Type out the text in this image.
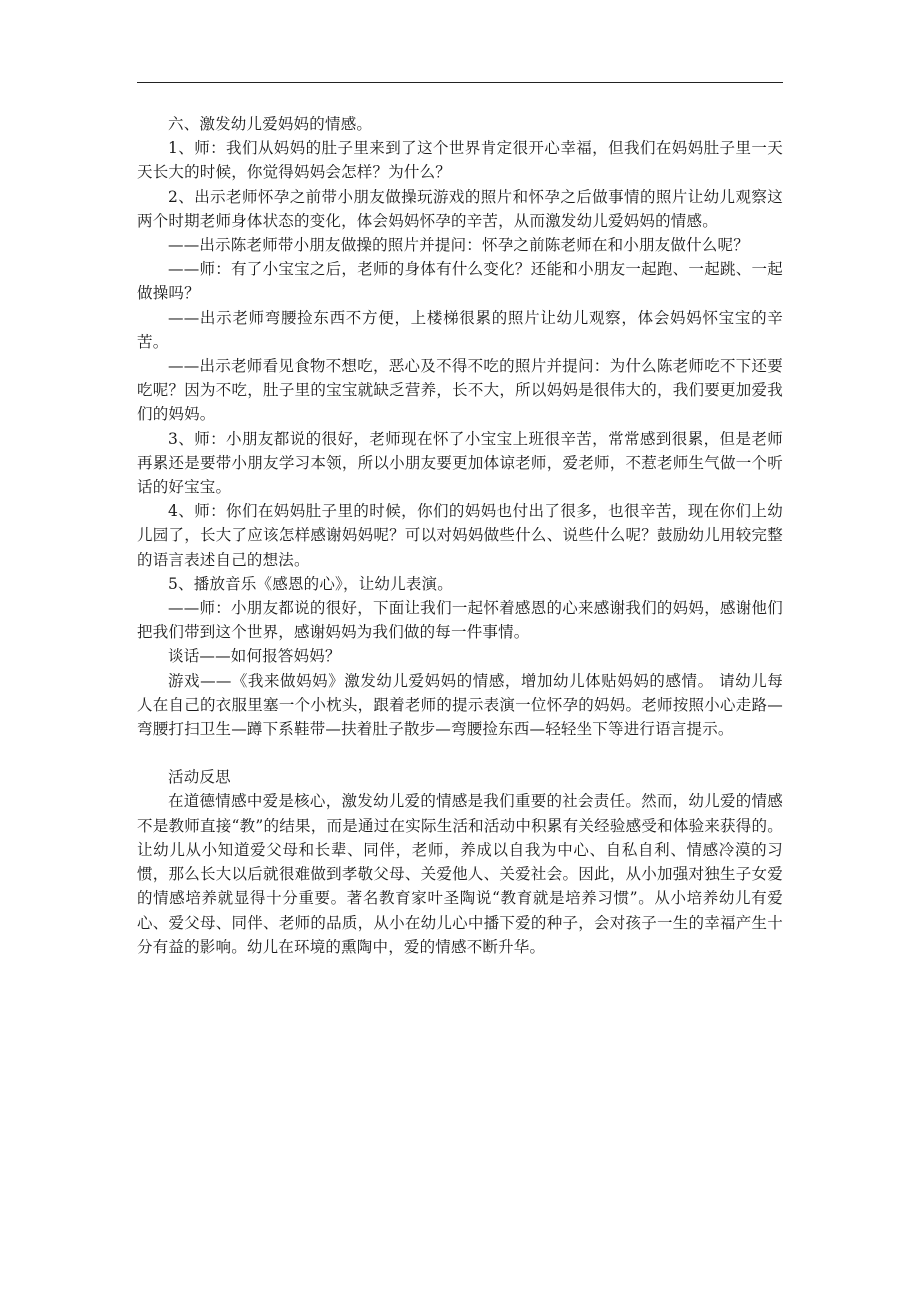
六、激发幼儿爱妈妈的情感。

1、师：我们从妈妈的肚子里来到了这个世界肯定很开心幸福，但我们在妈妈肚子里一天天长大的时候，你觉得妈妈会怎样？为什么？

2、出示老师怀孕之前带小朋友做操玩游戏的照片和怀孕之后做事情的照片让幼儿观察这两个时期老师身体状态的变化，体会妈妈怀孕的辛苦，从而激发幼儿爱妈妈的情感。

——出示陈老师带小朋友做操的照片并提问：怀孕之前陈老师在和小朋友做什么呢？

——师：有了小宝宝之后，老师的身体有什么变化？还能和小朋友一起跑、一起跳、一起做操吗？

——出示老师弯腰捡东西不方便，上楼梯很累的照片让幼儿观察，体会妈妈怀宝宝的辛苦。

——出示老师看见食物不想吃，恶心及不得不吃的照片并提问：为什么陈老师吃不下还要吃呢？因为不吃，肚子里的宝宝就缺乏营养，长不大，所以妈妈是很伟大的，我们要更加爱我们的妈妈。

3、师：小朋友都说的很好，老师现在怀了小宝宝上班很辛苦，常常感到很累，但是老师再累还是要带小朋友学习本领，所以小朋友要更加体谅老师，爱老师，不惹老师生气做一个听话的好宝宝。

4、师：你们在妈妈肚子里的时候，你们的妈妈也付出了很多，也很辛苦，现在你们上幼儿园了，长大了应该怎样感谢妈妈呢？可以对妈妈做些什么、说些什么呢？鼓励幼儿用较完整的语言表述自己的想法。

5、播放音乐《感恩的心》，让幼儿表演。

——师：小朋友都说的很好，下面让我们一起怀着感恩的心来感谢我们的妈妈，感谢他们把我们带到这个世界，感谢妈妈为我们做的每一件事情。

谈话——如何报答妈妈？

游戏——《我来做妈妈》激发幼儿爱妈妈的情感，增加幼儿体贴妈妈的感情。 请幼儿每人在自己的衣服里塞一个小枕头，跟着老师的提示表演一位怀孕的妈妈。老师按照小心走路—弯腰打扫卫生—蹲下系鞋带—扶着肚子散步—弯腰捡东西—轻轻坐下等进行语言提示。

活动反思

在道德情感中爱是核心，激发幼儿爱的情感是我们重要的社会责任。然而，幼儿爱的情感不是教师直接“教”的结果，而是通过在实际生活和活动中积累有关经验感受和体验来获得的。让幼儿从小知道爱父母和长辈、同伴，老师，养成以自我为中心、自私自利、情感冷漠的习惯，那么长大以后就很难做到孝敬父母、关爱他人、关爱社会。因此，从小加强对独生子女爱的情感培养就显得十分重要。著名教育家叶圣陶说“教育就是培养习惯”。从小培养幼儿有爱心、爱父母、同伴、老师的品质，从小在幼儿心中播下爱的种子，会对孩子一生的幸福产生十分有益的影响。幼儿在环境的熏陶中，爱的情感不断升华。
